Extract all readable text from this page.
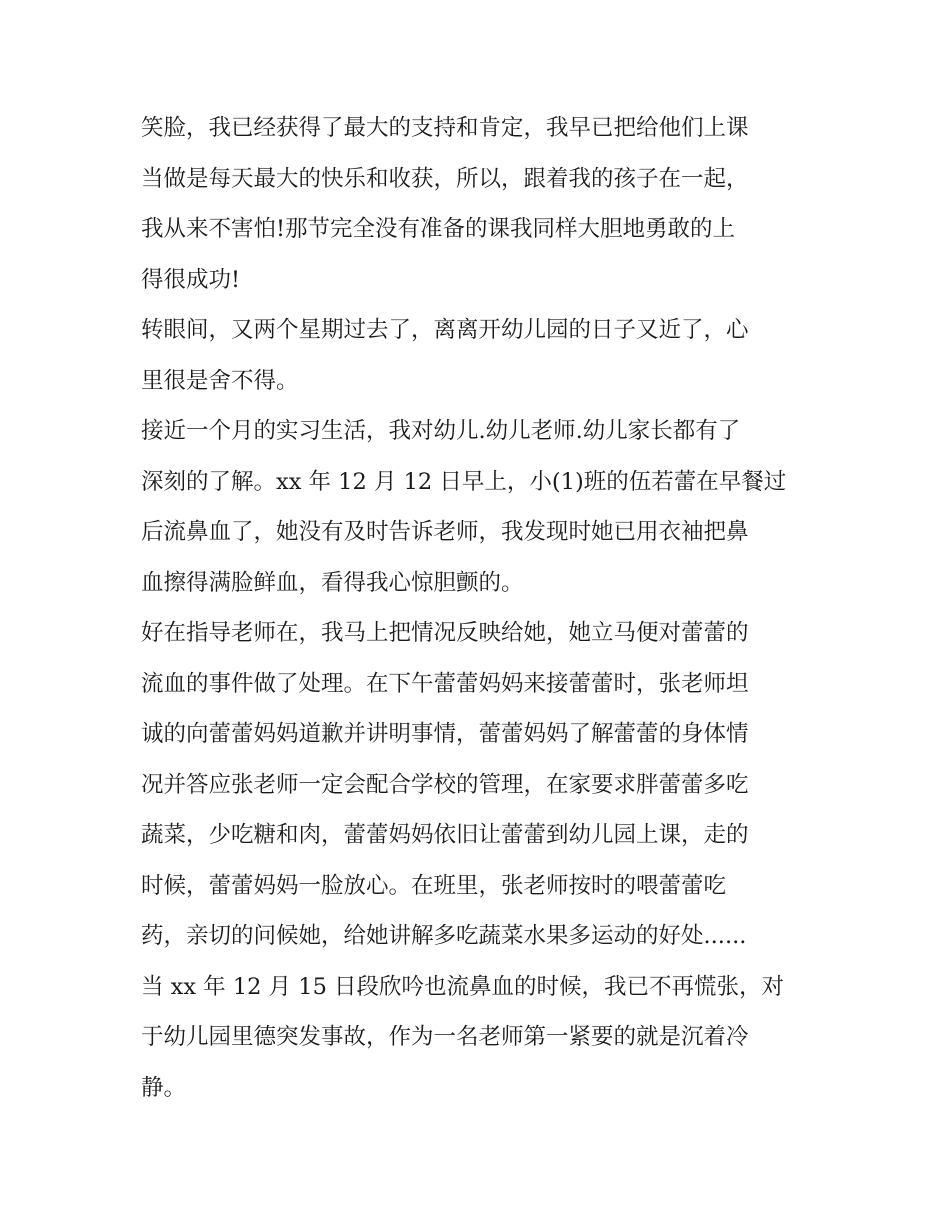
笑脸，我已经获得了最大的支持和肯定，我早已把给他们上课
当做是每天最大的快乐和收获，所以，跟着我的孩子在一起，
我从来不害怕!那节完全没有准备的课我同样大胆地勇敢的上
得很成功!
转眼间，又两个星期过去了，离离开幼儿园的日子又近了，心
里很是舍不得。
接近一个月的实习生活，我对幼儿.幼儿老师.幼儿家长都有了
深刻的了解。xx 年 12 月 12 日早上，小(1)班的伍若蕾在早餐过
后流鼻血了，她没有及时告诉老师，我发现时她已用衣袖把鼻
血擦得满脸鲜血，看得我心惊胆颤的。
好在指导老师在，我马上把情况反映给她，她立马便对蕾蕾的
流血的事件做了处理。在下午蕾蕾妈妈来接蕾蕾时，张老师坦
诚的向蕾蕾妈妈道歉并讲明事情，蕾蕾妈妈了解蕾蕾的身体情
况并答应张老师一定会配合学校的管理，在家要求胖蕾蕾多吃
蔬菜，少吃糖和肉，蕾蕾妈妈依旧让蕾蕾到幼儿园上课，走的
时候，蕾蕾妈妈一脸放心。在班里，张老师按时的喂蕾蕾吃
药，亲切的问候她，给她讲解多吃蔬菜水果多运动的好处......
当 xx 年 12 月 15 日段欣吟也流鼻血的时候，我已不再慌张，对
于幼儿园里德突发事故，作为一名老师第一紧要的就是沉着冷
静。
